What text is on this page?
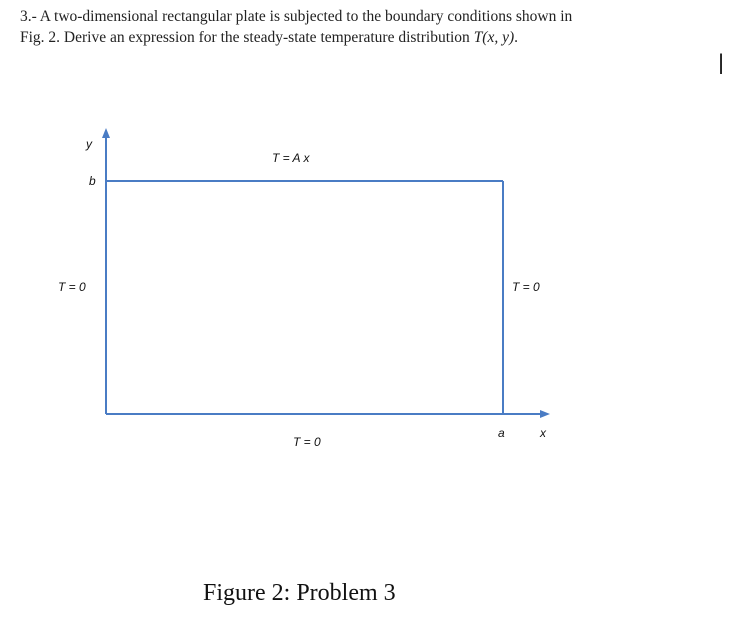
3.- A two-dimensional rectangular plate is subjected to the boundary conditions shown in

Fig. 2. Derive an expression for the steady-state temperature distribution T(x, y).

|
y
b
T = A x
T = 0	T = 0
a	x
T = 0
Figure 2: Problem 3
